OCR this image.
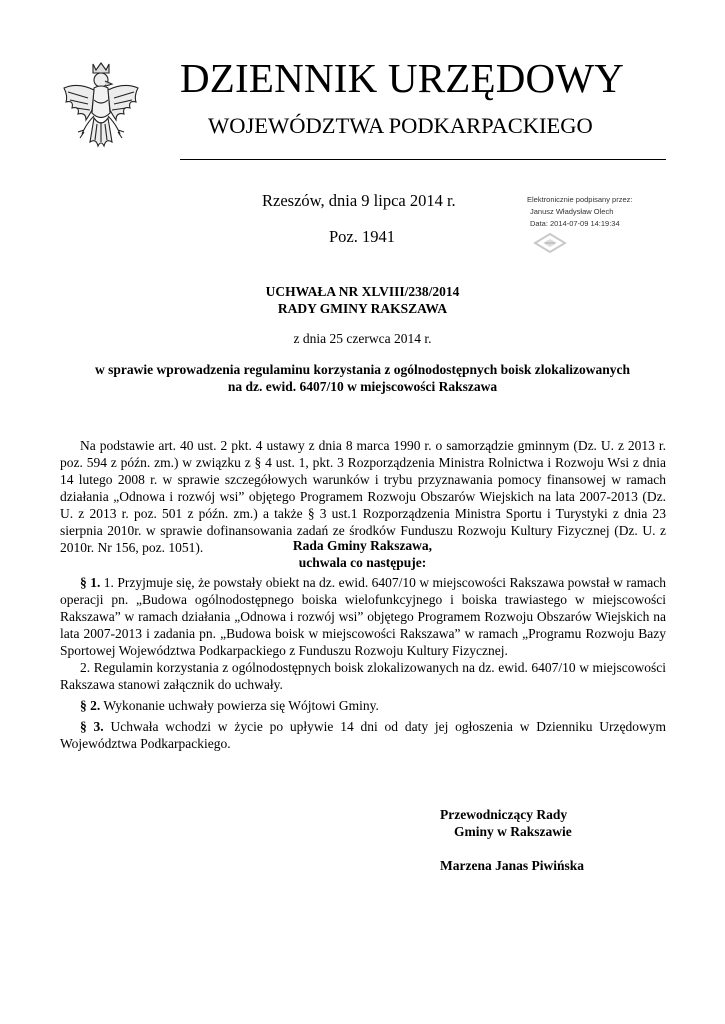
DZIENNIK URZĘDOWY
WOJEWÓDZTWA PODKARPACKIEGO
Rzeszów, dnia 9 lipca 2014 r.
Poz. 1941
Elektronicznie podpisany przez:
Janusz Władysław Olech
Data: 2014-07-09 14:19:34
UCHWAŁA NR XLVIII/238/2014
RADY GMINY RAKSZAWA
z dnia 25 czerwca 2014 r.
w sprawie wprowadzenia regulaminu korzystania z ogólnodostępnych boisk zlokalizowanych
na dz. ewid. 6407/10 w miejscowości Rakszawa

Na podstawie art. 40 ust. 2 pkt. 4 ustawy z dnia 8 marca 1990 r. o samorządzie gminnym (Dz. U. z 2013 r. poz. 594 z późn. zm.) w związku z § 4 ust. 1, pkt. 3 Rozporządzenia Ministra Rolnictwa i Rozwoju Wsi z dnia 14 lutego 2008 r. w sprawie szczegółowych warunków i trybu przyznawania pomocy finansowej w ramach działania „Odnowa i rozwój wsi” objętego Programem Rozwoju Obszarów Wiejskich na lata 2007-2013 (Dz. U. z 2013 r. poz. 501 z późn. zm.) a także § 3 ust.1 Rozporządzenia Ministra Sportu i Turystyki z dnia 23 sierpnia 2010r. w sprawie dofinansowania zadań ze środków Funduszu Rozwoju Kultury Fizycznej (Dz. U. z 2010r. Nr 156, poz. 1051).	Rada Gminy Rakszawa,
uchwala co następuje:

§ 1. 1. Przyjmuje się, że powstały obiekt na dz. ewid. 6407/10 w miejscowości Rakszawa powstał w ramach operacji pn. „Budowa ogólnodostępnego boiska wielofunkcyjnego i boiska trawiastego w miejscowości Rakszawa” w ramach działania „Odnowa i rozwój wsi” objętego Programem Rozwoju Obszarów Wiejskich na lata 2007-2013 i zadania pn. „Budowa boisk w miejscowości Rakszawa” w ramach „Programu Rozwoju Bazy Sportowej Województwa Podkarpackiego z Funduszu Rozwoju Kultury Fizycznej.

2. Regulamin korzystania z ogólnodostępnych boisk zlokalizowanych na dz. ewid. 6407/10 w miejscowości Rakszawa stanowi załącznik do uchwały.

§ 2. Wykonanie uchwały powierza się Wójtowi Gminy.

§ 3. Uchwała wchodzi w życie po upływie 14 dni od daty jej ogłoszenia w Dzienniku Urzędowym Województwa Podkarpackiego.

Przewodniczący Rady
Gminy w Rakszawie
Marzena Janas Piwińska
